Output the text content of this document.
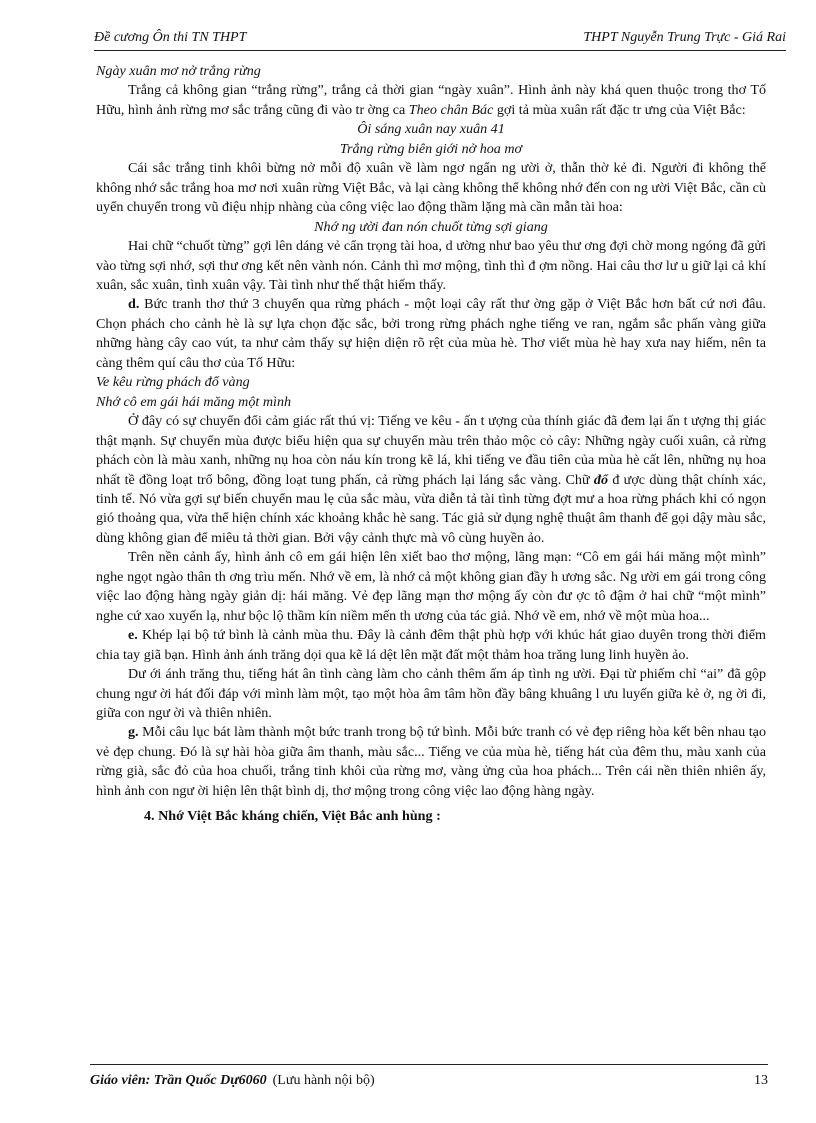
Đề cương Ôn thi TN THPT	THPT Nguyễn Trung Trực - Giá Rai

Ngày xuân mơ nở trắng rừng

Trắng cả không gian “trắng rừng”, trắng cả thời gian “ngày xuân”. Hình ảnh này khá quen thuộc trong thơ Tố Hữu, hình ảnh rừng mơ sắc trắng cũng đi vào tr ờng ca Theo chân Bác gợi tả mùa xuân rất đặc tr ưng của Việt Bắc:

Ôi sáng xuân nay xuân 41

Trắng rừng biên giới nở hoa mơ

Cái sắc trắng tinh khôi bừng nở mỗi độ xuân về làm ngơ ngẩn ng ười ở, thẫn thờ kẻ đi. Người đi không thể không nhớ sắc trắng hoa mơ nơi xuân rừng Việt Bắc, và lại càng không thể không nhớ đến con ng ười Việt Bắc, cần cù uyển chuyển trong vũ điệu nhịp nhàng của công việc lao động thầm lặng mà cần mẫn tài hoa:

Nhớ ng ười đan nón chuốt từng sợi giang

Hai chữ “chuốt từng” gợi lên dáng vẻ cẩn trọng tài hoa, d ường như bao yêu thư ơng đợi chờ mong ngóng đã gửi vào từng sợi nhớ, sợi thư ơng kết nên vành nón. Cảnh thì mơ mộng, tình thì đ ợm nồng. Hai câu thơ lư u giữ lại cả khí xuân, sắc xuân, tình xuân vậy. Tài tình như thế thật hiếm thấy.

d. Bức tranh thơ thứ 3 chuyển qua rừng phách - một loại cây rất thư ờng gặp ở Việt Bắc hơn bất cứ nơi đâu. Chọn phách cho cảnh hè là sự lựa chọn đặc sắc, bởi trong rừng phách nghe tiếng ve ran, ngắm sắc phấn vàng giữa những hàng cây cao vút, ta như cảm thấy sự hiện diện rõ rệt của mùa hè. Thơ viết mùa hè hay xưa nay hiếm, nên ta càng thêm quí câu thơ của Tố Hữu:

Ve kêu rừng phách đổ vàng

Nhớ cô em gái hái măng một mình

Ở đây có sự chuyển đổi cảm giác rất thú vị: Tiếng ve kêu - ấn t ượng của thính giác đã đem lại ấn t ượng thị giác thật mạnh. Sự chuyển mùa được biểu hiện qua sự chuyển màu trên thảo mộc cỏ cây: Những ngày cuối xuân, cả rừng phách còn là màu xanh, những nụ hoa còn náu kín trong kẽ lá, khi tiếng ve đầu tiên của mùa hè cất lên, những nụ hoa nhất tề đồng loạt trổ bông, đồng loạt tung phấn, cả rừng phách lại láng sắc vàng. Chữ đổ đ ược dùng thật chính xác, tinh tế. Nó vừa gợi sự biến chuyển mau lẹ của sắc màu, vừa diễn tả tài tình từng đợt mư a hoa rừng phách khi có ngọn gió thoảng qua, vừa thể hiện chính xác khoảng khắc hè sang. Tác giả sử dụng nghệ thuật âm thanh để gọi dậy màu sắc, dùng không gian để miêu tả thời gian. Bởi vậy cảnh thực mà vô cùng huyền ảo.

Trên nền cảnh ấy, hình ảnh cô em gái hiện lên xiết bao thơ mộng, lãng mạn: “Cô em gái hái măng một mình” nghe ngọt ngào thân th ơng trìu mến. Nhớ về em, là nhớ cả một không gian đầy h ương sắc. Ng ười em gái trong công việc lao động hàng ngày giản dị: hái măng. Vẻ đẹp lãng mạn thơ mộng ấy còn đư ợc tô đậm ở hai chữ “một mình” nghe cứ xao xuyến lạ, như bộc lộ thầm kín niềm mến th ương của tác giả. Nhớ về em, nhớ về một mùa hoa...

e. Khép lại bộ tứ bình là cảnh mùa thu. Đây là cảnh đêm thật phù hợp với khúc hát giao duyên trong thời điểm chia tay giã bạn. Hình ảnh ánh trăng dọi qua kẽ lá dệt lên mặt đất một thảm hoa trăng lung linh huyền ảo.

Dư ới ánh trăng thu, tiếng hát ân tình càng làm cho cảnh thêm ấm áp tình ng ười. Đại từ phiếm chỉ “ai” đã gộp chung ngư ời hát đối đáp với mình làm một, tạo một hòa âm tâm hồn đầy bâng khuâng l ưu luyến giữa kẻ ở, ng ời đi, giữa con ngư ời và thiên nhiên.

g. Mỗi câu lục bát làm thành một bức tranh trong bộ tứ bình. Mỗi bức tranh có vẻ đẹp riêng hòa kết bên nhau tạo vẻ đẹp chung. Đó là sự hài hòa giữa âm thanh, màu sắc... Tiếng ve của mùa hè, tiếng hát của đêm thu, màu xanh của rừng già, sắc đỏ của hoa chuối, trắng tinh khôi của rừng mơ, vàng ửng của hoa phách... Trên cái nền thiên nhiên ấy, hình ảnh con ngư ời hiện lên thật bình dị, thơ mộng trong công việc lao động hàng ngày.

4. Nhớ Việt Bắc kháng chiến, Việt Bắc anh hùng :

Giáo viên: Trần Quốc Dự6060 (Lưu hành nội bộ)	13
